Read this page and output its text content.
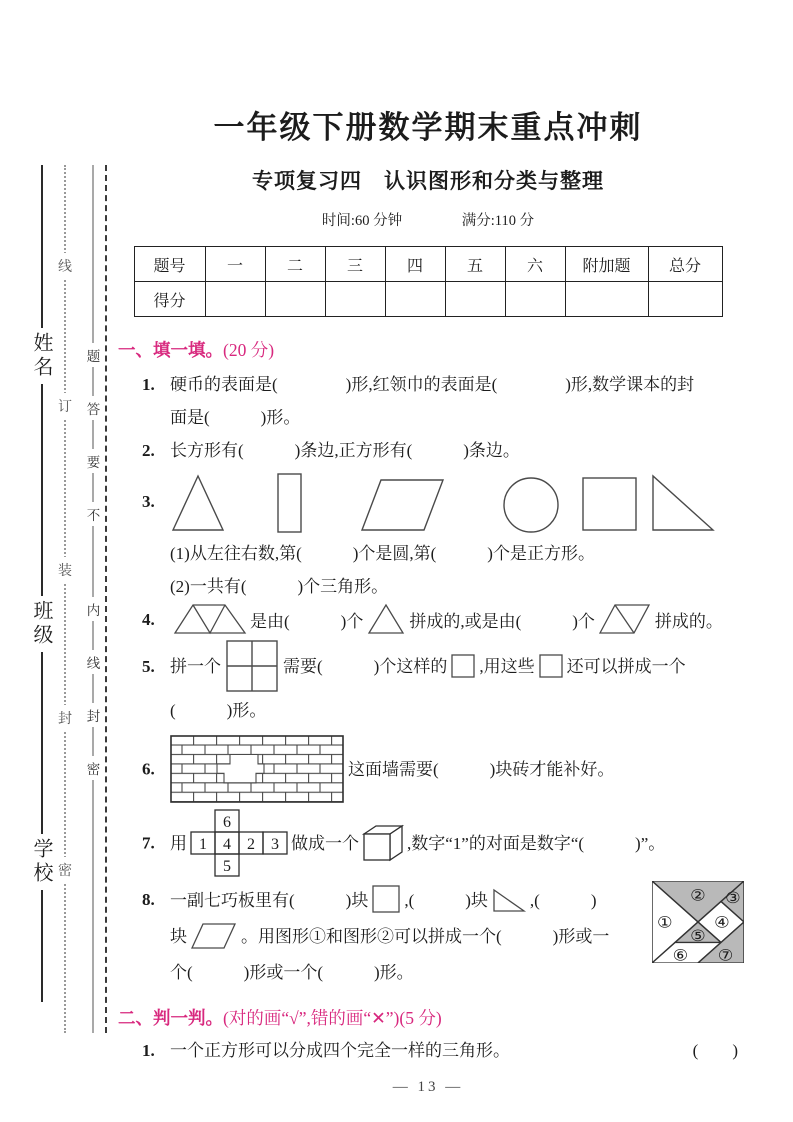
姓名
班级
学校
线
订
装
封
密
题
答
要
不
内
线
封
密
一年级下册数学期末重点冲刺
专项复习四　认识图形和分类与整理
时间:60 分钟	满分:110 分
题号	一	二	三	四	五	六	附加题	总分
得分								
一、填一填。(20 分)
1. 硬币的表面是(　　　　)形,红领巾的表面是(　　　　)形,数学课本的封
面是(　　　)形。
2. 长方形有(　　　)条边,正方形有(　　　)条边。
3.
(1)从左往右数,第(　　　)个是圆,第(　　　)个是正方形。
(2)一共有(　　　)个三角形。
4.	是由(　　　)个	拼成的,或是由(　　　)个	拼成的。
5. 拼一个	需要(　　　)个这样的 ,用这些 还可以拼成一个
(　　　)形。
6.	这面墙需要(　　　)块砖才能补好。
7. 用
6
1 4 2 3
5
做成一个	,数字“1”的对面是数字“(　　　)”。
8. 一副七巧板里有(　　　)块 ,(　　　)块 ,(　　　)
块	。用图形①和图形②可以拼成一个(　　　)形或一
个(　　　)形或一个(　　　)形。
①
② ③
④
⑤
⑥ ⑦
二、判一判。(对的画“√”,错的画“✕”)(5 分)
1. 一个正方形可以分成四个完全一样的三角形。	(　　)
— 13 —
